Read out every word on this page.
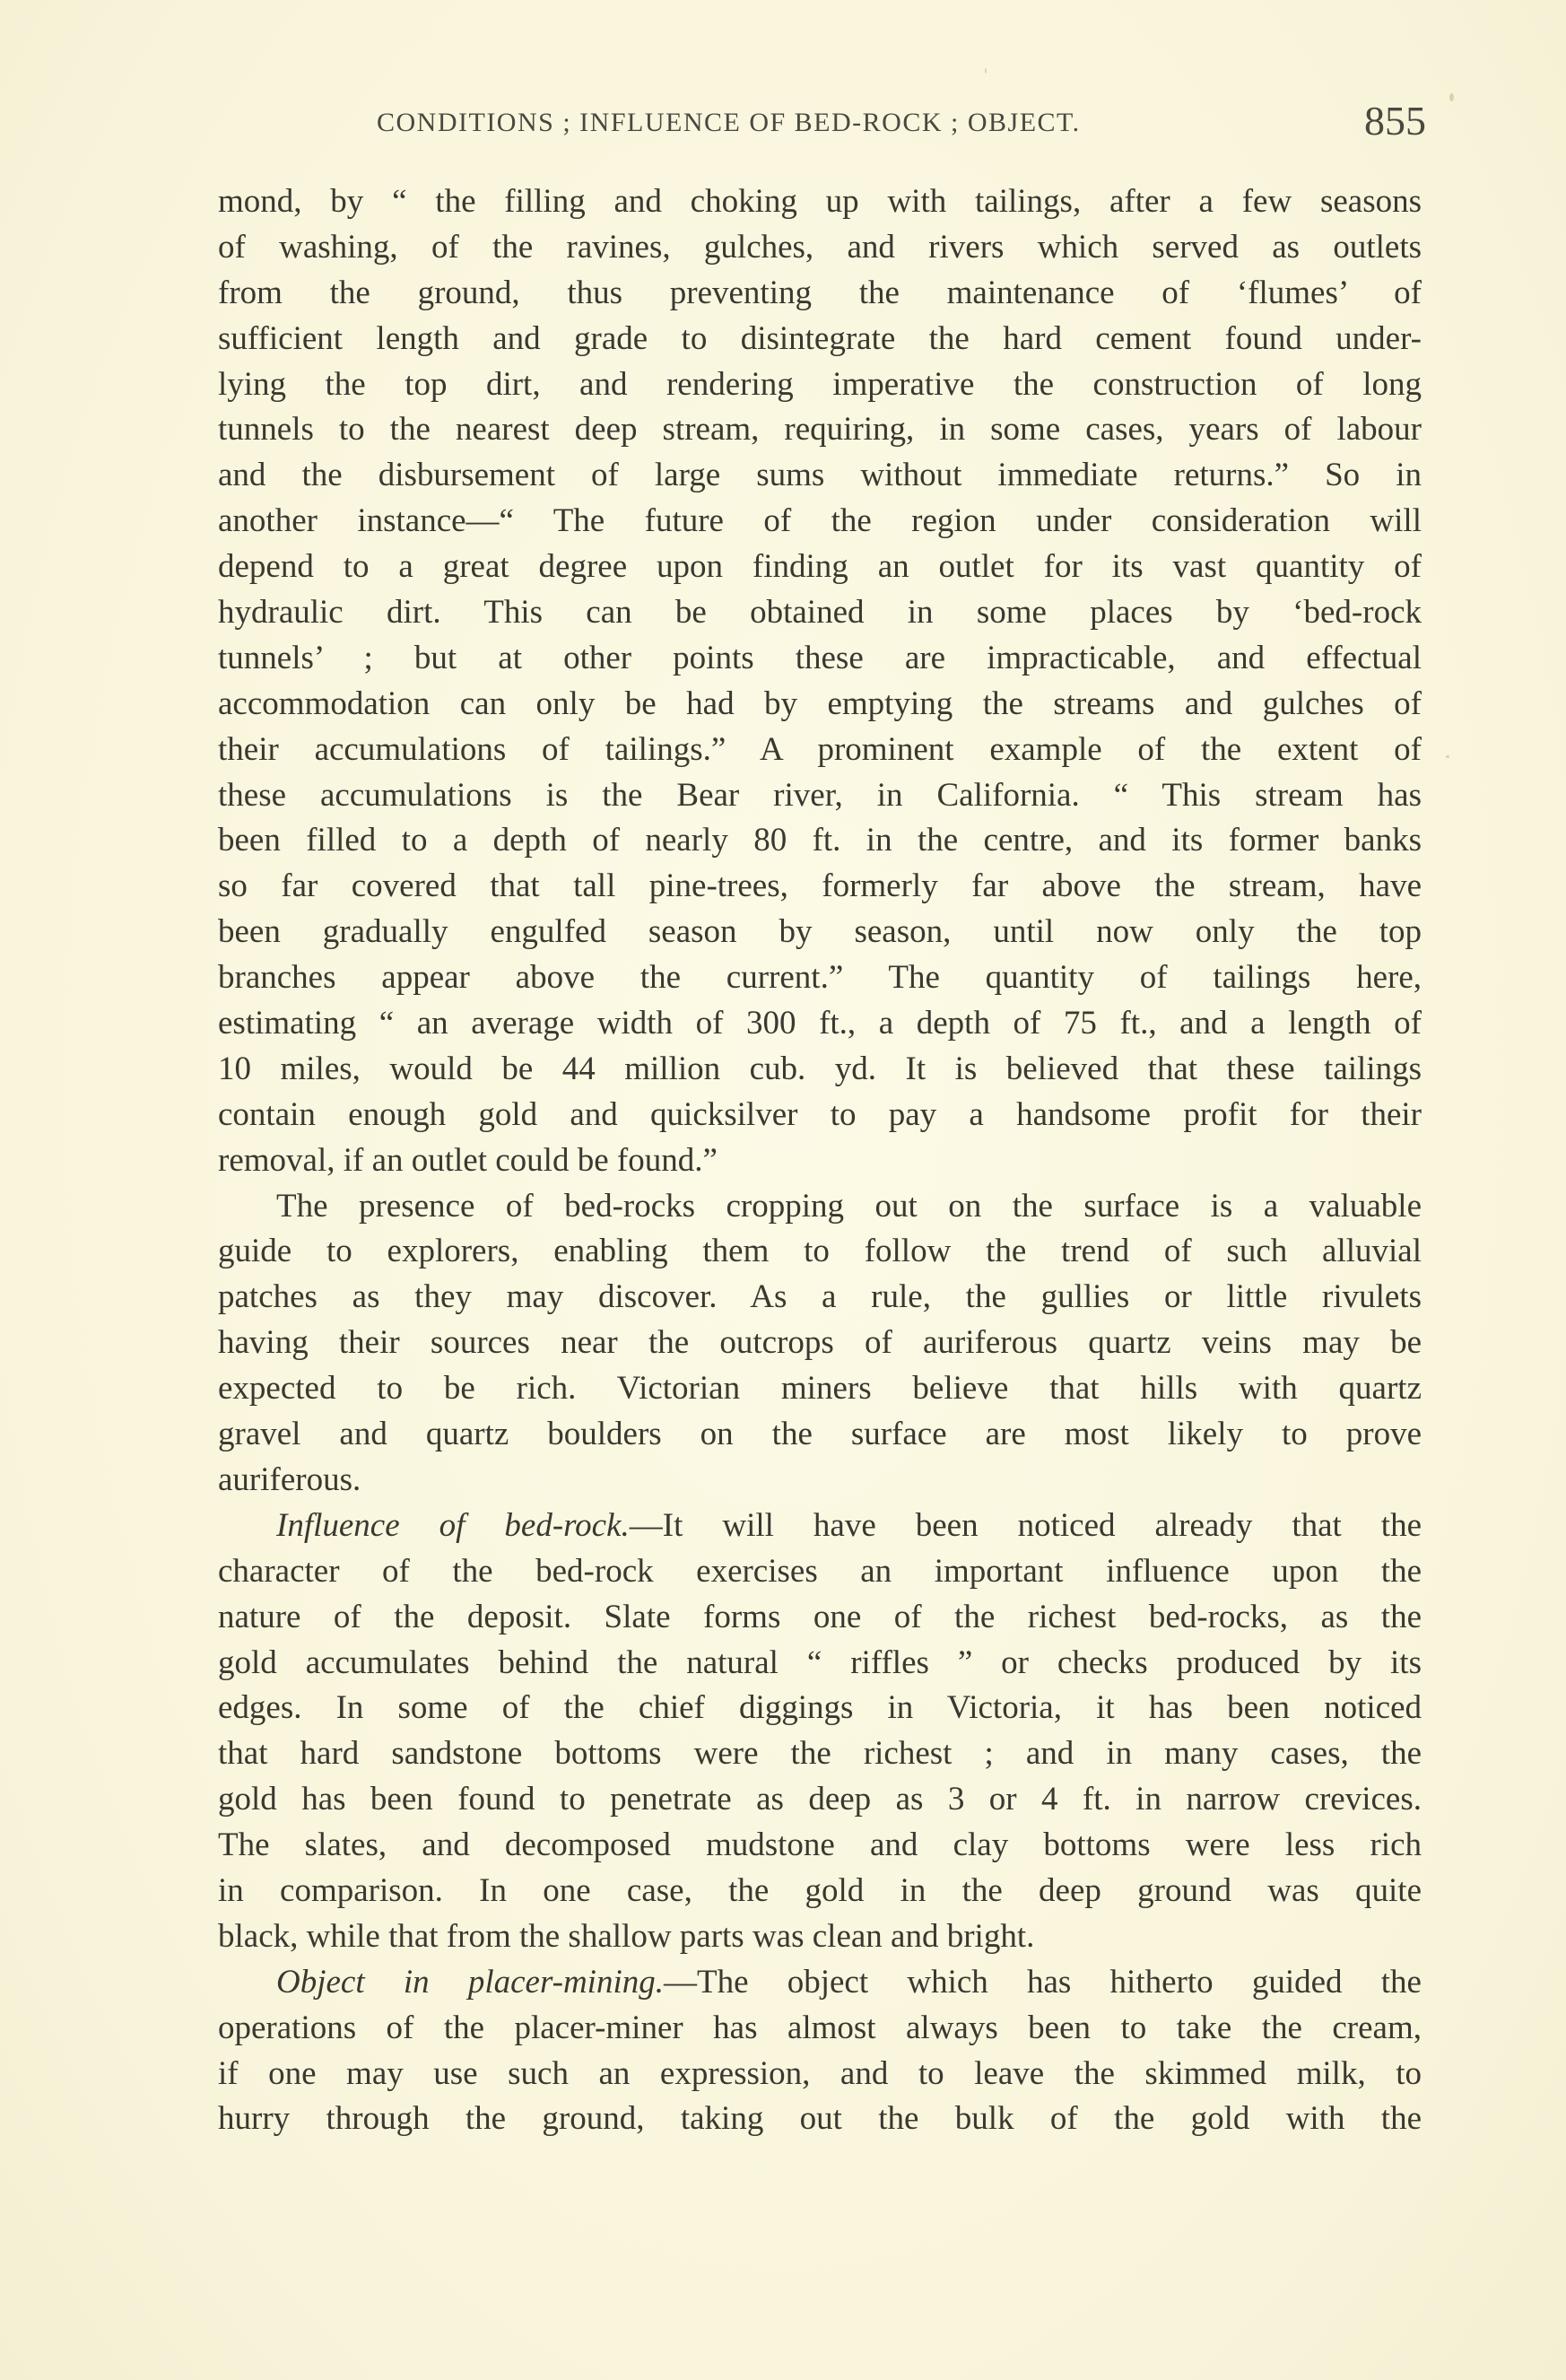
CONDITIONS ; INFLUENCE OF BED-ROCK ; OBJECT.	855
mond, by “ the filling and choking up with tailings, after a few seasons
of washing, of the ravines, gulches, and rivers which served as outlets
from the ground, thus preventing the maintenance of ‘flumes’ of
sufficient length and grade to disintegrate the hard cement found under-
lying the top dirt, and rendering imperative the construction of long
tunnels to the nearest deep stream, requiring, in some cases, years of labour
and the disbursement of large sums without immediate returns.” So in
another instance—“ The future of the region under consideration will
depend to a great degree upon finding an outlet for its vast quantity of
hydraulic dirt. This can be obtained in some places by ‘bed-rock
tunnels’ ; but at other points these are impracticable, and effectual
accommodation can only be had by emptying the streams and gulches of
their accumulations of tailings.” A prominent example of the extent of
these accumulations is the Bear river, in California. “ This stream has
been filled to a depth of nearly 80 ft. in the centre, and its former banks
so far covered that tall pine-trees, formerly far above the stream, have
been gradually engulfed season by season, until now only the top
branches appear above the current.” The quantity of tailings here,
estimating “ an average width of 300 ft., a depth of 75 ft., and a length of
10 miles, would be 44 million cub. yd. It is believed that these tailings
contain enough gold and quicksilver to pay a handsome profit for their
removal, if an outlet could be found.”
The presence of bed-rocks cropping out on the surface is a valuable
guide to explorers, enabling them to follow the trend of such alluvial
patches as they may discover. As a rule, the gullies or little rivulets
having their sources near the outcrops of auriferous quartz veins may be
expected to be rich. Victorian miners believe that hills with quartz
gravel and quartz boulders on the surface are most likely to prove
auriferous.
Influence of bed-rock.—It will have been noticed already that the
character of the bed-rock exercises an important influence upon the
nature of the deposit. Slate forms one of the richest bed-rocks, as the
gold accumulates behind the natural “ riffles ” or checks produced by its
edges. In some of the chief diggings in Victoria, it has been noticed
that hard sandstone bottoms were the richest ; and in many cases, the
gold has been found to penetrate as deep as 3 or 4 ft. in narrow crevices.
The slates, and decomposed mudstone and clay bottoms were less rich
in comparison. In one case, the gold in the deep ground was quite
black, while that from the shallow parts was clean and bright.
Object in placer-mining.—The object which has hitherto guided the
operations of the placer-miner has almost always been to take the cream,
if one may use such an expression, and to leave the skimmed milk, to
hurry through the ground, taking out the bulk of the gold with the
